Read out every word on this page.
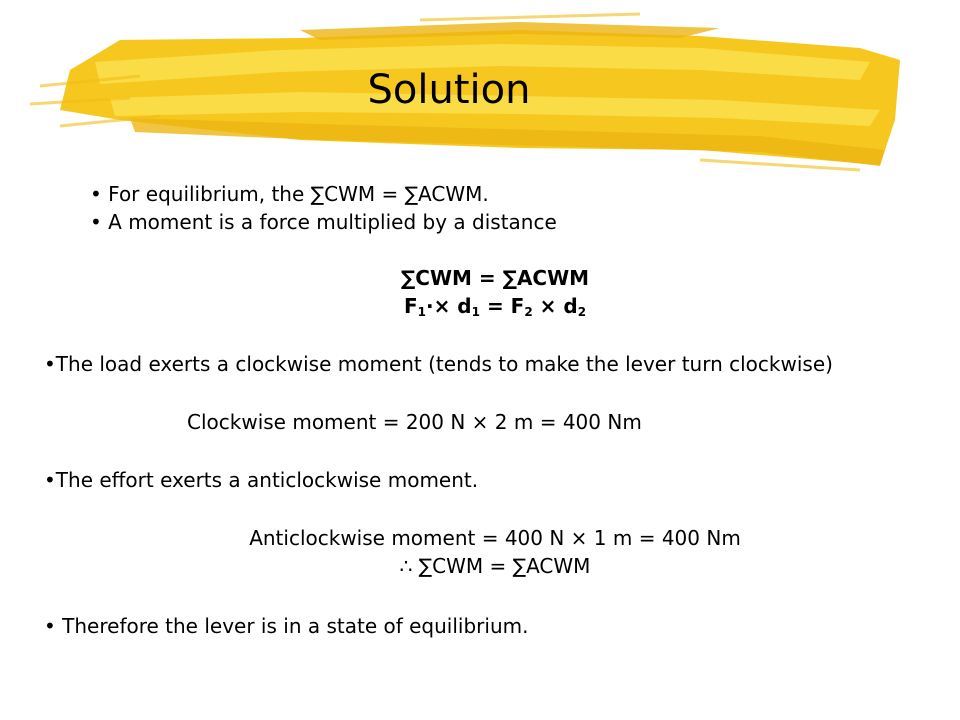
Solution
• For equilibrium, the ∑CWM = ∑ACWM.
• A moment is a force multiplied by a distance
∑CWM = ∑ACWM
$F_1\cdot\times d_1 = F_2 \times d_2$
•The load exerts a clockwise moment (tends to make the lever turn clockwise)
Clockwise moment = 200 N × 2 m = 400 Nm
•The effort exerts a anticlockwise moment.
Anticlockwise moment = 400 N × 1 m = 400 Nm
∴ ∑CWM = ∑ACWM
• Therefore the lever is in a state of equilibrium.
